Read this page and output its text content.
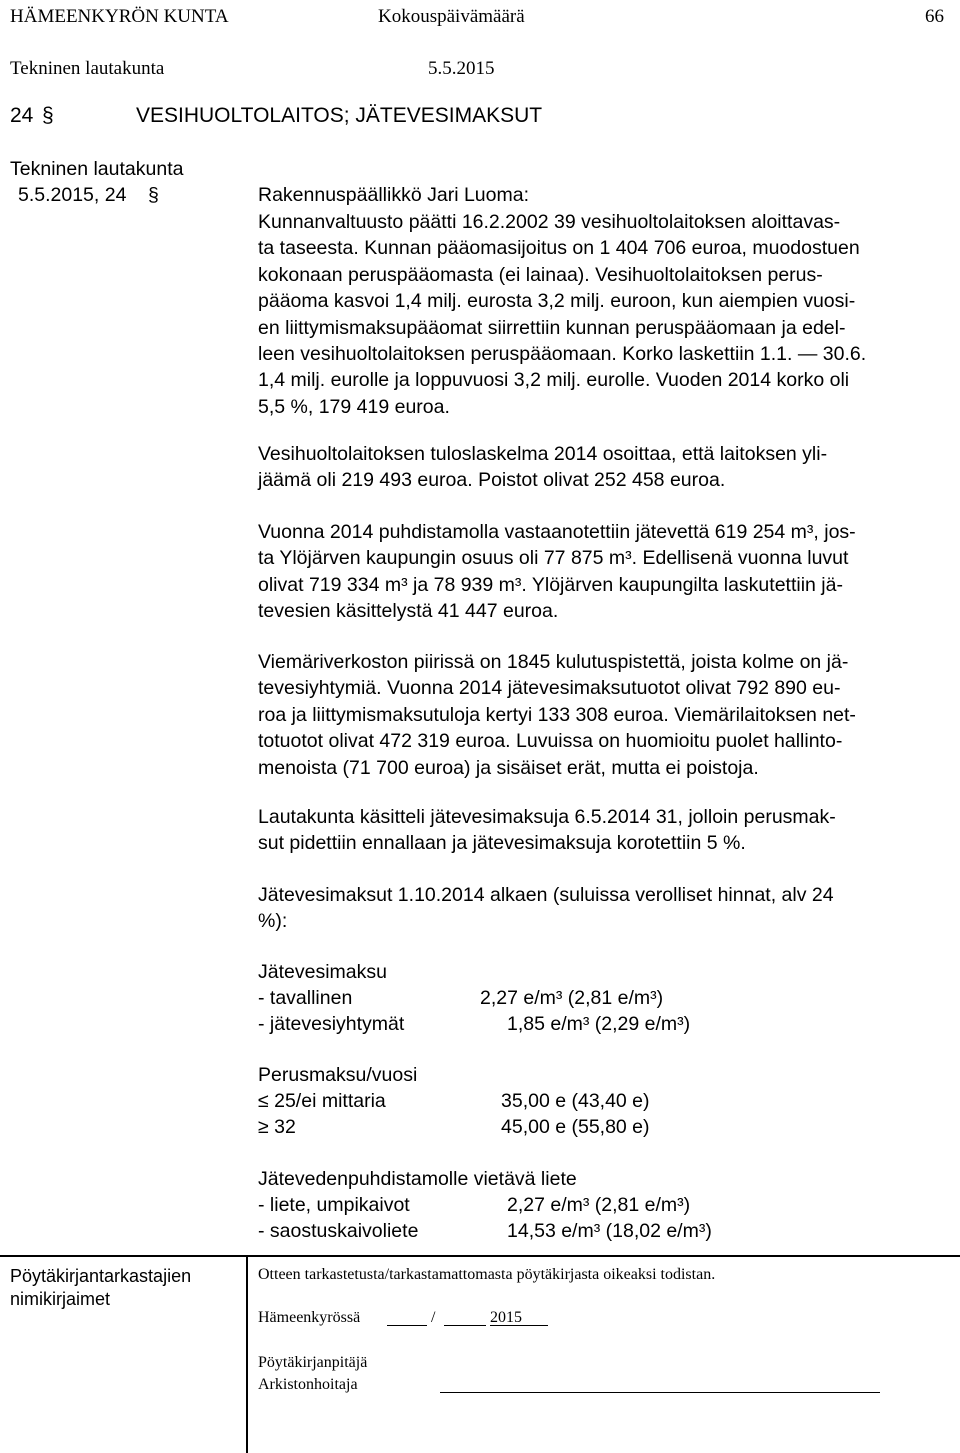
HÄMEENKYRÖN KUNTA	Kokouspäivämäärä	66
Tekninen lautakunta	5.5.2015
24 §	VESIHUOLTOLAITOS; JÄTEVESIMAKSUT
Tekninen lautakunta
5.5.2015, 24 §	Rakennuspäällikkö Jari Luoma:
Kunnanvaltuusto päätti 16.2.2002 39 vesihuoltolaitoksen aloittavas-
ta taseesta. Kunnan pääomasijoitus on 1 404 706 euroa, muodostuen
kokonaan peruspääomasta (ei lainaa). Vesihuoltolaitoksen perus-
pääoma kasvoi 1,4 milj. eurosta 3,2 milj. euroon, kun aiempien vuosi-
en liittymismaksupääomat siirrettiin kunnan peruspääomaan ja edel-
leen vesihuoltolaitoksen peruspääomaan. Korko laskettiin 1.1. — 30.6.
1,4 milj. eurolle ja loppuvuosi 3,2 milj. eurolle. Vuoden 2014 korko oli
5,5 %, 179 419 euroa.
Vesihuoltolaitoksen tuloslaskelma 2014 osoittaa, että laitoksen yli-
jäämä oli 219 493 euroa. Poistot olivat 252 458 euroa.
Vuonna 2014 puhdistamolla vastaanotettiin jätevettä 619 254 m³, jos-
ta Ylöjärven kaupungin osuus oli 77 875 m³. Edellisenä vuonna luvut
olivat 719 334 m³ ja 78 939 m³. Ylöjärven kaupungilta laskutettiin jä-
tevesien käsittelystä 41 447 euroa.
Viemäriverkoston piirissä on 1845 kulutuspistettä, joista kolme on jä-
tevesiyhtymiä. Vuonna 2014 jätevesimaksutuotot olivat 792 890 eu-
roa ja liittymismaksutuloja kertyi 133 308 euroa. Viemärilaitoksen net-
totuotot olivat 472 319 euroa. Luvuissa on huomioitu puolet hallinto-
menoista (71 700 euroa) ja sisäiset erät, mutta ei poistoja.
Lautakunta käsitteli jätevesimaksuja 6.5.2014 31, jolloin perusmak-
sut pidettiin ennallaan ja jätevesimaksuja korotettiin 5 %.
Jätevesimaksut 1.10.2014 alkaen (suluissa verolliset hinnat, alv 24
%):
Jätevesimaksu
- tavallinen	2,27 e/m³ (2,81 e/m³)
- jätevesiyhtymät	1,85 e/m³ (2,29 e/m³)
Perusmaksu/vuosi
≤ 25/ei mittaria	35,00 e (43,40 e)
≥ 32	45,00 e (55,80 e)
Jätevedenpuhdistamolle vietävä liete
- liete, umpikaivot	2,27 e/m³ (2,81 e/m³)
- saostuskaivoliete	14,53 e/m³ (18,02 e/m³)
Pöytäkirjantarkastajien
nimikirjaimet
Otteen tarkastetusta/tarkastamattomasta pöytäkirjasta oikeaksi todistan.
Hämeenkyrössä	/	2015
Pöytäkirjanpitäjä
Arkistonhoitaja
